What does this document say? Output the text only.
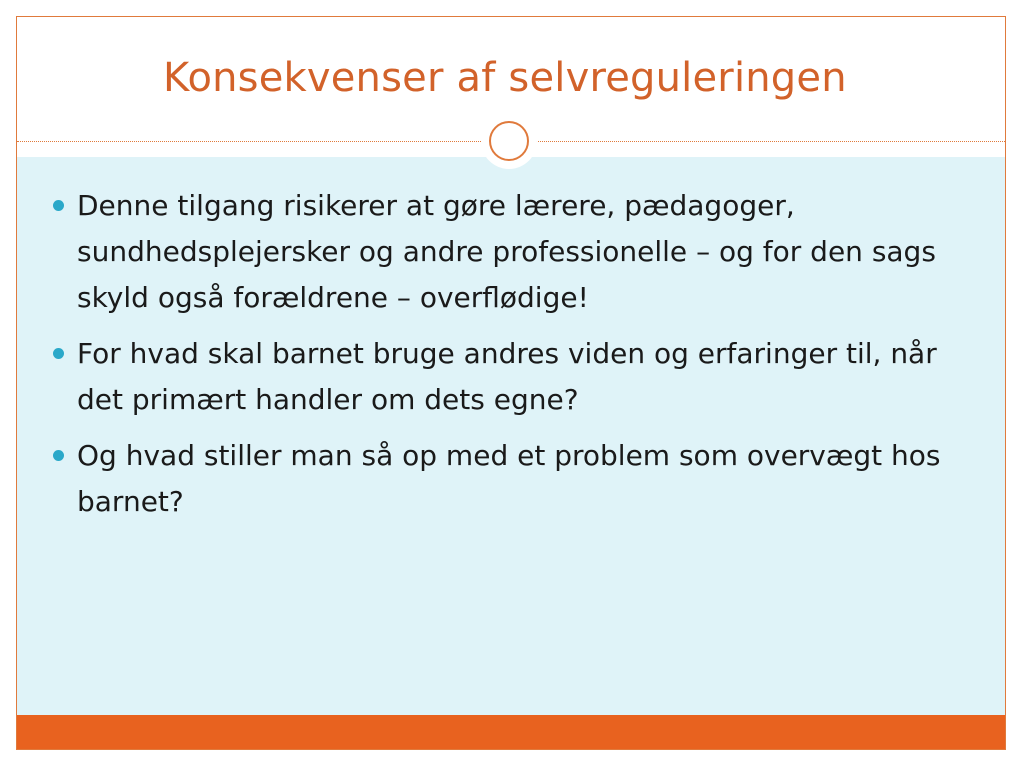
Konsekvenser af selvreguleringen
Denne tilgang risikerer at gøre lærere, pædagoger, sundhedsplejersker og andre professionelle – og for den sags skyld også forældrene – overflødige!
For hvad skal barnet bruge andres viden og erfaringer til, når det primært handler om dets egne?
Og hvad stiller man så op med et problem som overvægt hos barnet?
